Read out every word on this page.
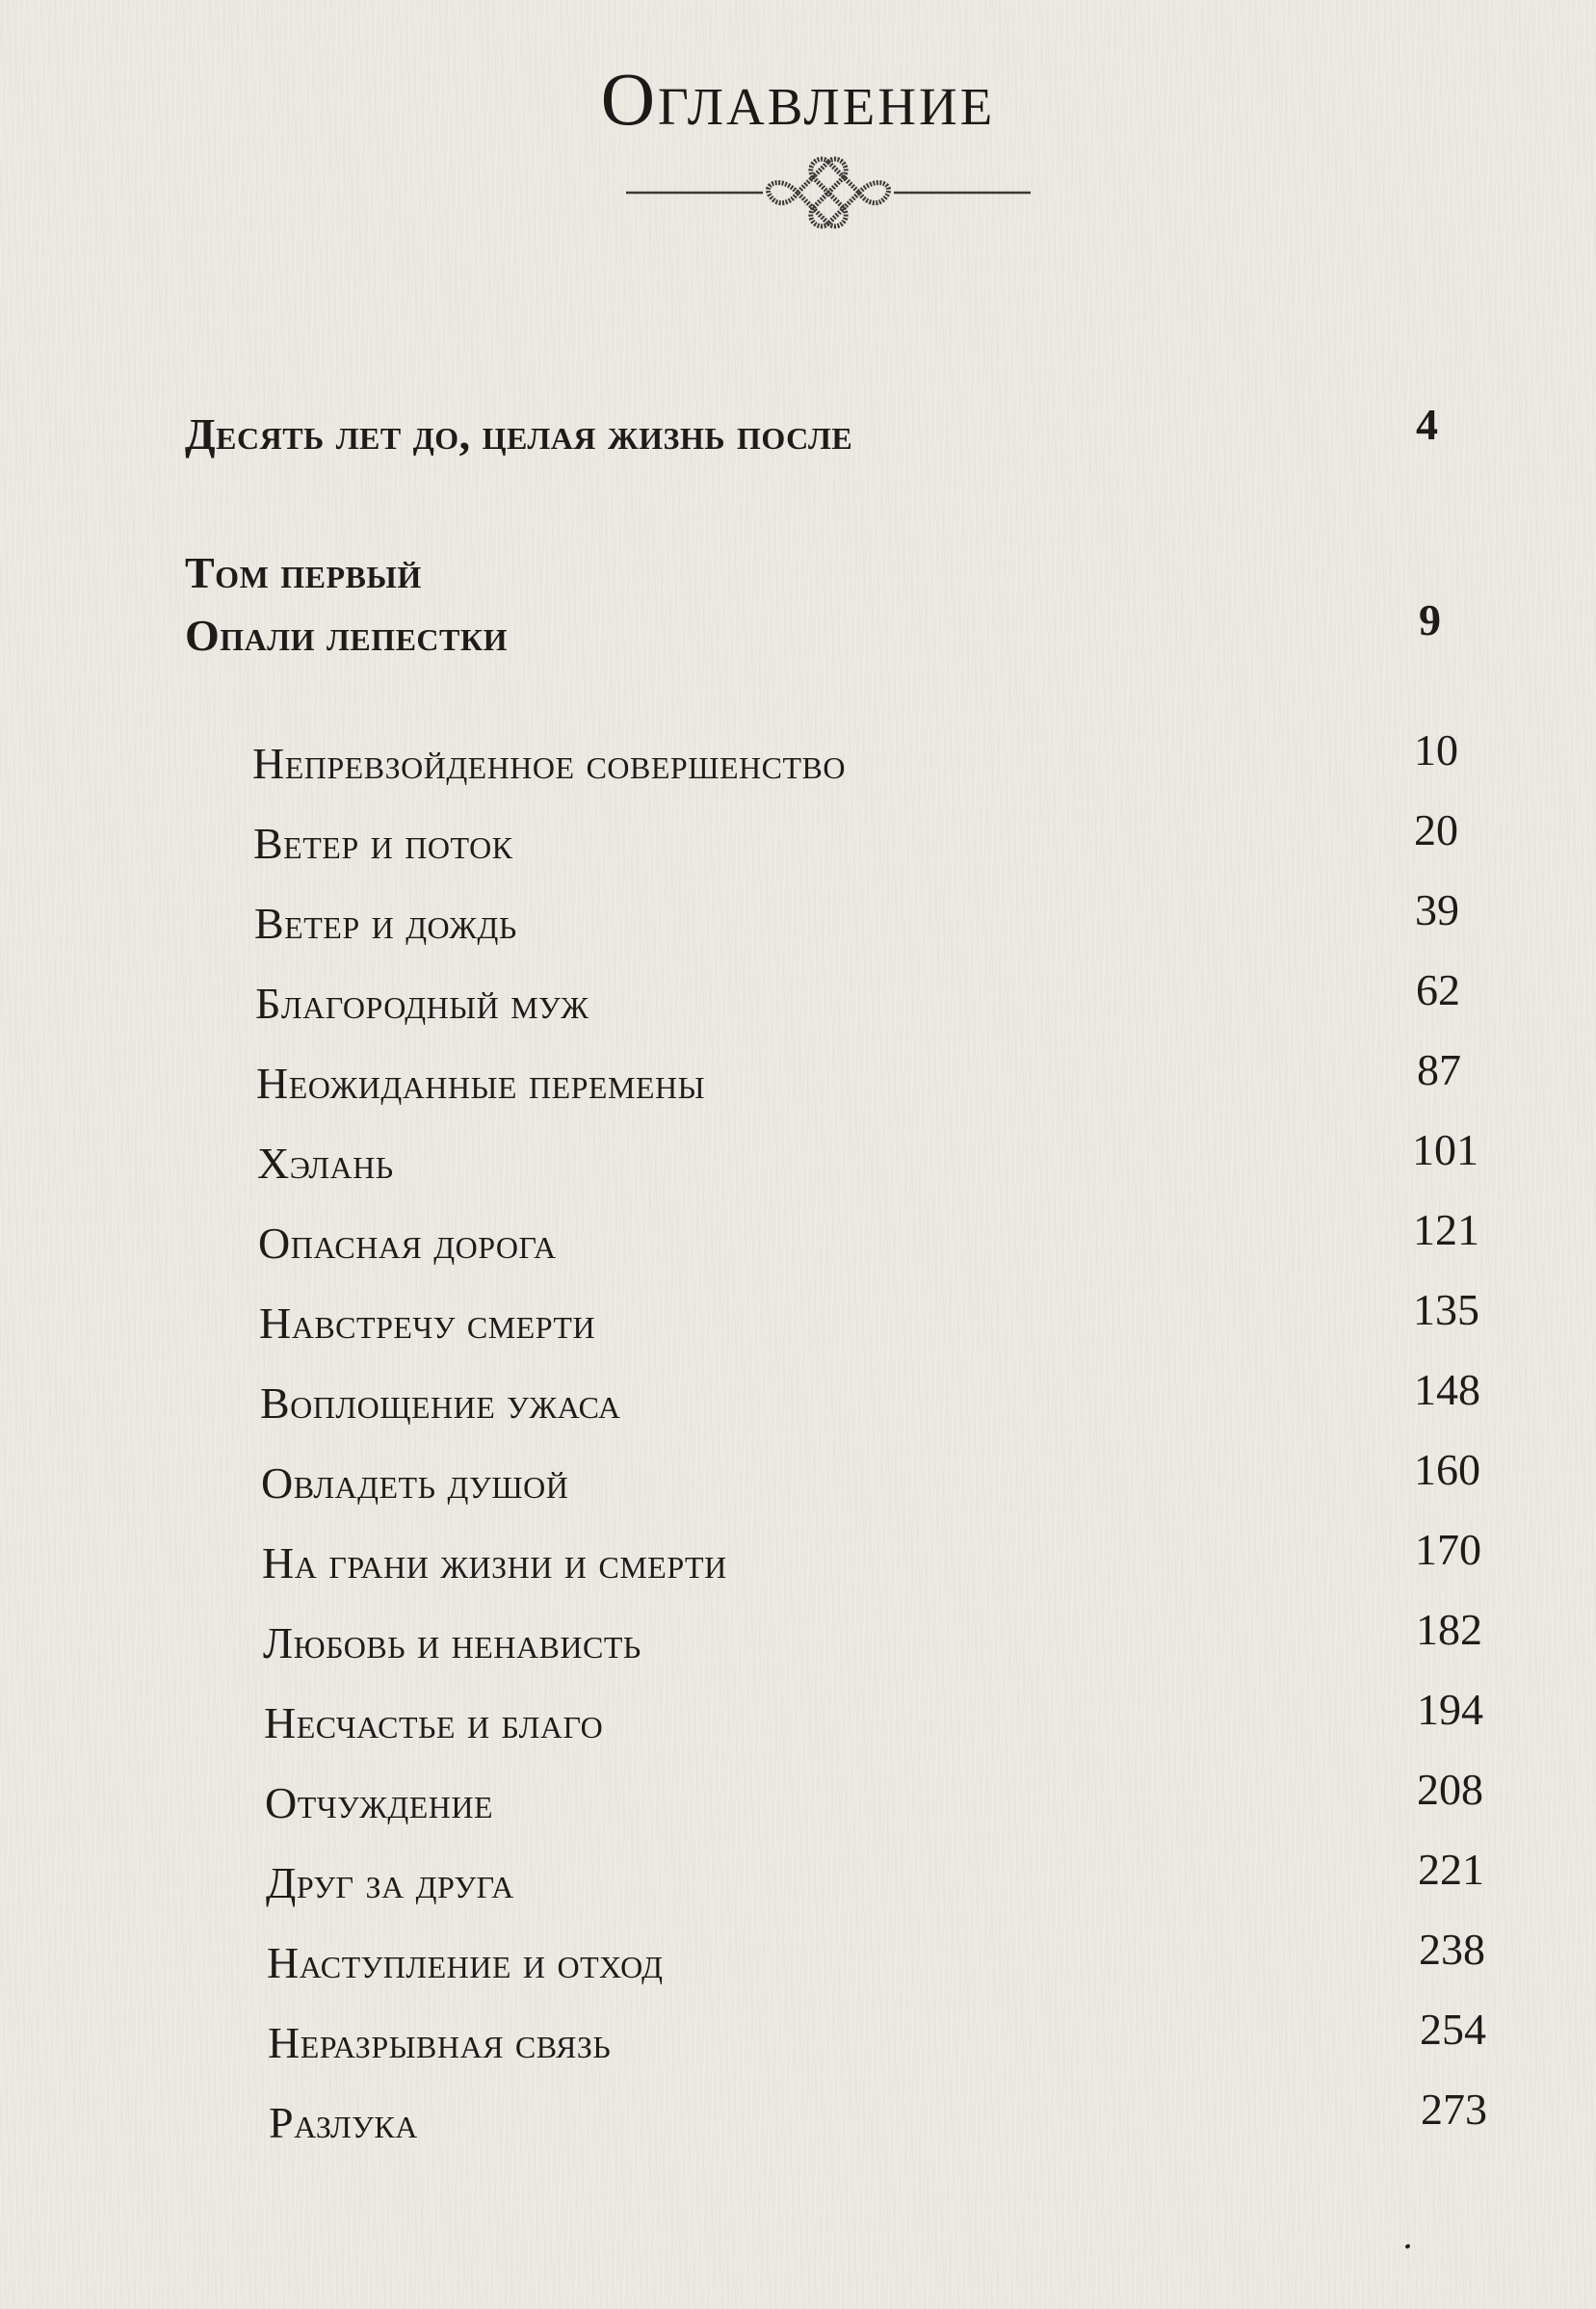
Оглавление
Десять лет до, целая жизнь после	4
Том первый
Опали лепестки	9
Непревзойденное совершенство	10
Ветер и поток	20
Ветер и дождь	39
Благородный муж	62
Неожиданные перемены	87
Хэлань	101
Опасная дорога	121
Навстречу смерти	135
Воплощение ужаса	148
Овладеть душой	160
На грани жизни и смерти	170
Любовь и ненависть	182
Несчастье и благо	194
Отчуждение	208
Друг за друга	221
Наступление и отход	238
Неразрывная связь	254
Разлука	273
